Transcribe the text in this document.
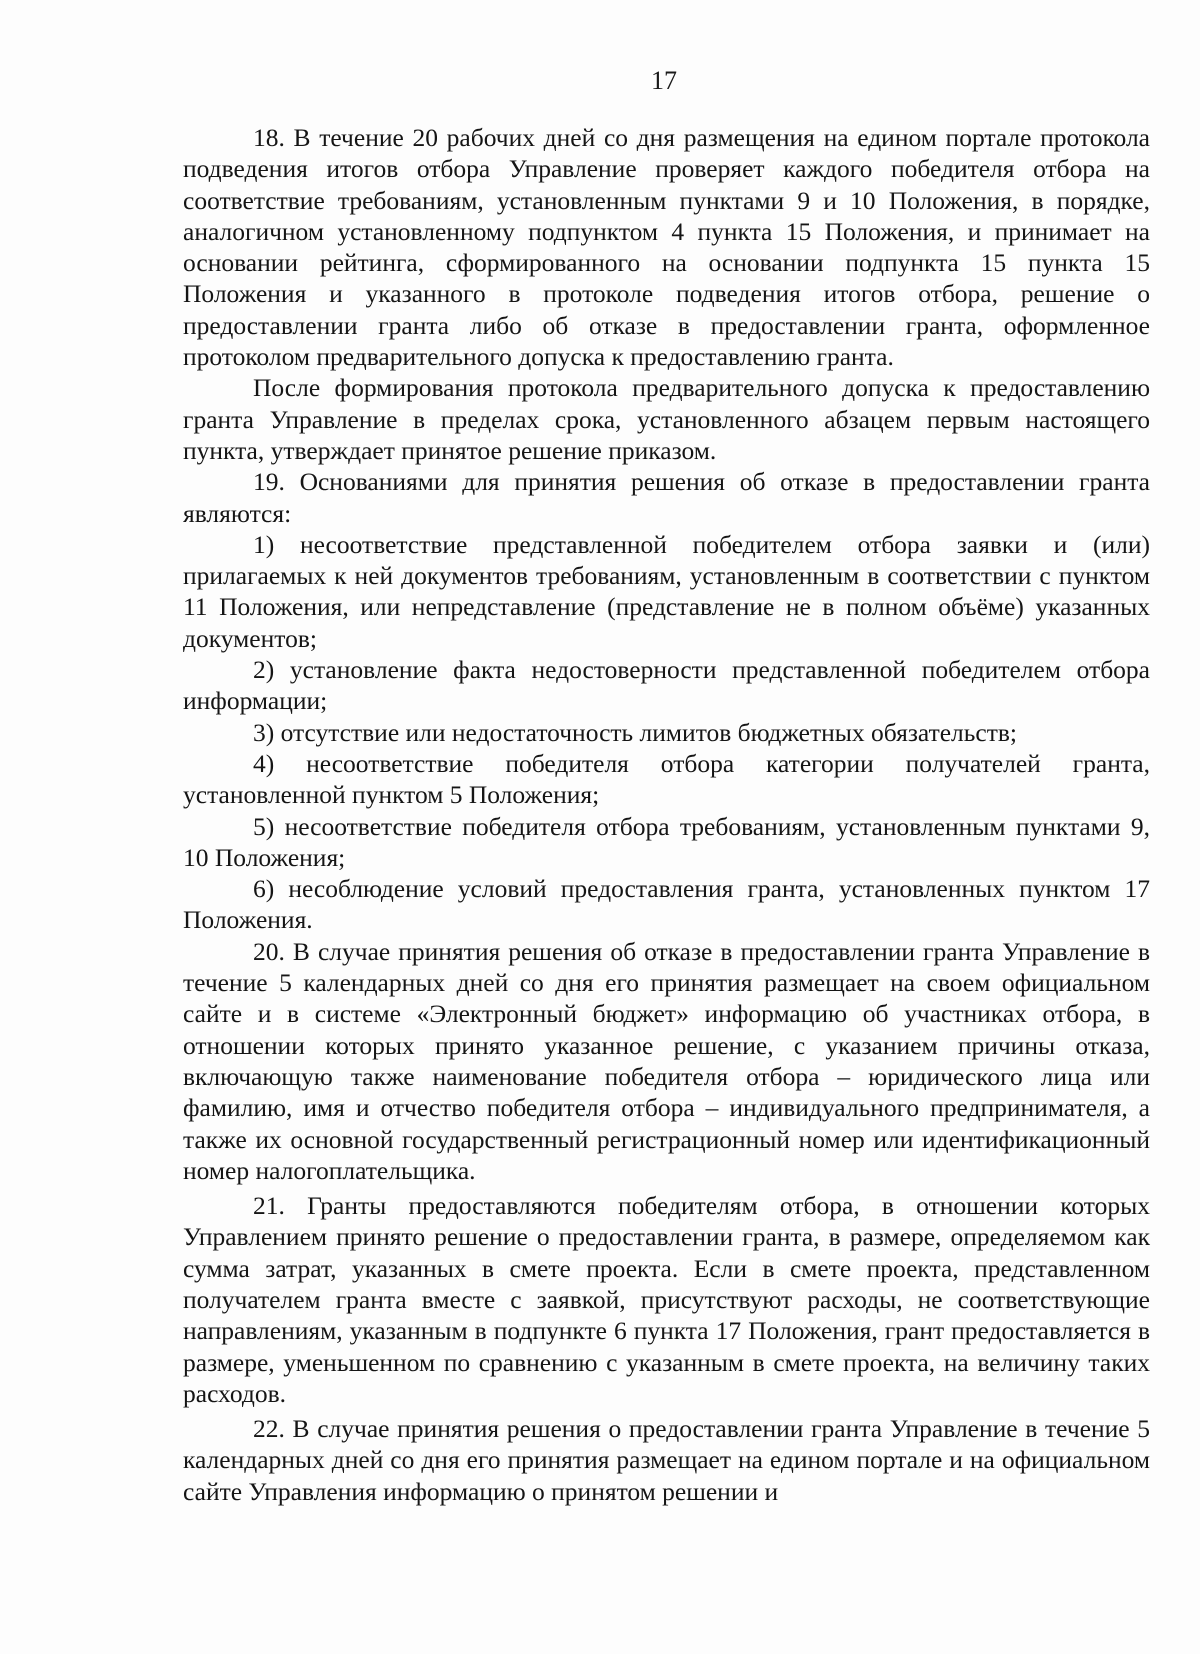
17

18. В течение 20 рабочих дней со дня размещения на едином портале протокола подведения итогов отбора Управление проверяет каждого победителя отбора на соответствие требованиям, установленным пунктами 9 и 10 Положения, в порядке, аналогичном установленному подпунктом 4 пункта 15 Положения, и принимает на основании рейтинга, сформированного на основании подпункта 15 пункта 15 Положения и указанного в протоколе подведения итогов отбора, решение о предоставлении гранта либо об отказе в предоставлении гранта, оформленное протоколом предварительного допуска к предоставлению гранта.

После формирования протокола предварительного допуска к предоставлению гранта Управление в пределах срока, установленного абзацем первым настоящего пункта, утверждает принятое решение приказом.

19. Основаниями для принятия решения об отказе в предоставлении гранта являются:

1) несоответствие представленной победителем отбора заявки и (или) прилагаемых к ней документов требованиям, установленным в соответствии с пунктом 11 Положения, или непредставление (представление не в полном объёме) указанных документов;

2) установление факта недостоверности представленной победителем отбора информации;

3) отсутствие или недостаточность лимитов бюджетных обязательств;

4) несоответствие победителя отбора категории получателей гранта, установленной пунктом 5 Положения;

5) несоответствие победителя отбора требованиям, установленным пунктами 9, 10 Положения;

6) несоблюдение условий предоставления гранта, установленных пунктом 17 Положения.

20. В случае принятия решения об отказе в предоставлении гранта Управление в течение 5 календарных дней со дня его принятия размещает на своем официальном сайте и в системе «Электронный бюджет» информацию об участниках отбора, в отношении которых принято указанное решение, с указанием причины отказа, включающую также наименование победителя отбора – юридического лица или фамилию, имя и отчество победителя отбора – индивидуального предпринимателя, а также их основной государственный регистрационный номер или идентификационный номер налогоплательщика.

21. Гранты предоставляются победителям отбора, в отношении которых Управлением принято решение о предоставлении гранта, в размере, определяемом как сумма затрат, указанных в смете проекта. Если в смете проекта, представленном получателем гранта вместе с заявкой, присутствуют расходы, не соответствующие направлениям, указанным в подпункте 6 пункта 17 Положения, грант предоставляется в размере, уменьшенном по сравнению с указанным в смете проекта, на величину таких расходов.

22. В случае принятия решения о предоставлении гранта Управление в течение 5 календарных дней со дня его принятия размещает на едином портале и на официальном сайте Управления информацию о принятом решении и
